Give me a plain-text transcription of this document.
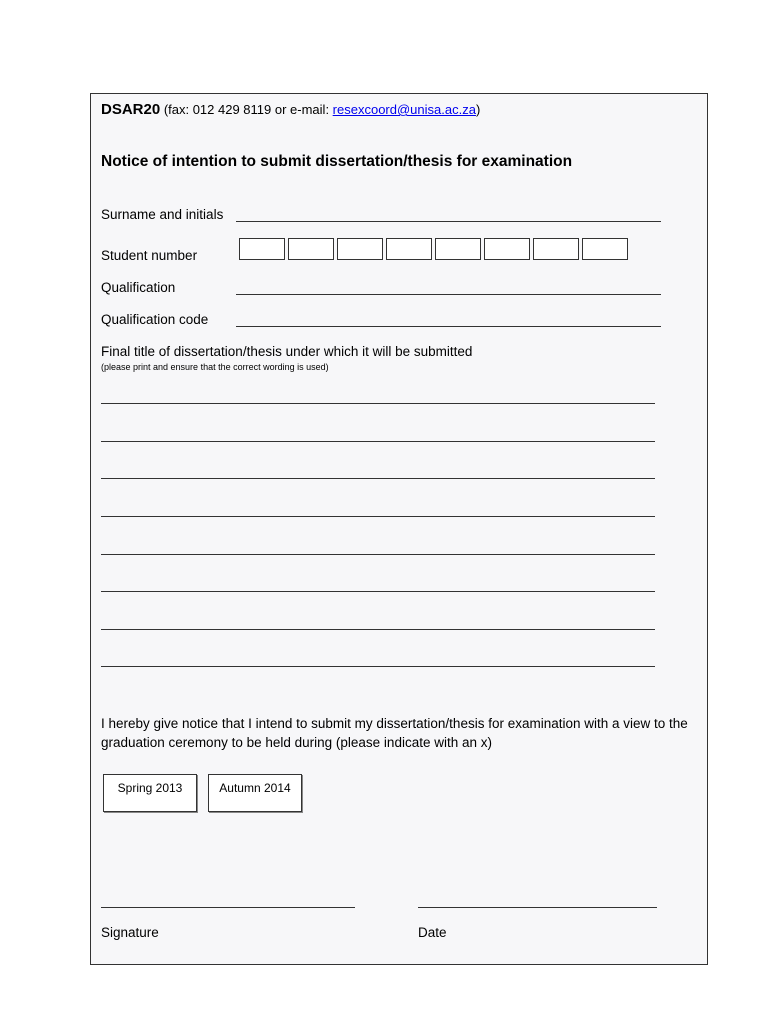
DSAR20 (fax: 012 429 8119 or e-mail: resexcoord@unisa.ac.za)
Notice of intention to submit dissertation/thesis for examination
Surname and initials
Student number
Qualification
Qualification code
Final title of dissertation/thesis under which it will be submitted
(please print and ensure that the correct wording is used)
I hereby give notice that I intend to submit my dissertation/thesis for examination with a view to the graduation ceremony to be held during (please indicate with an x)
Spring 2013	Autumn 2014
Signature	Date
